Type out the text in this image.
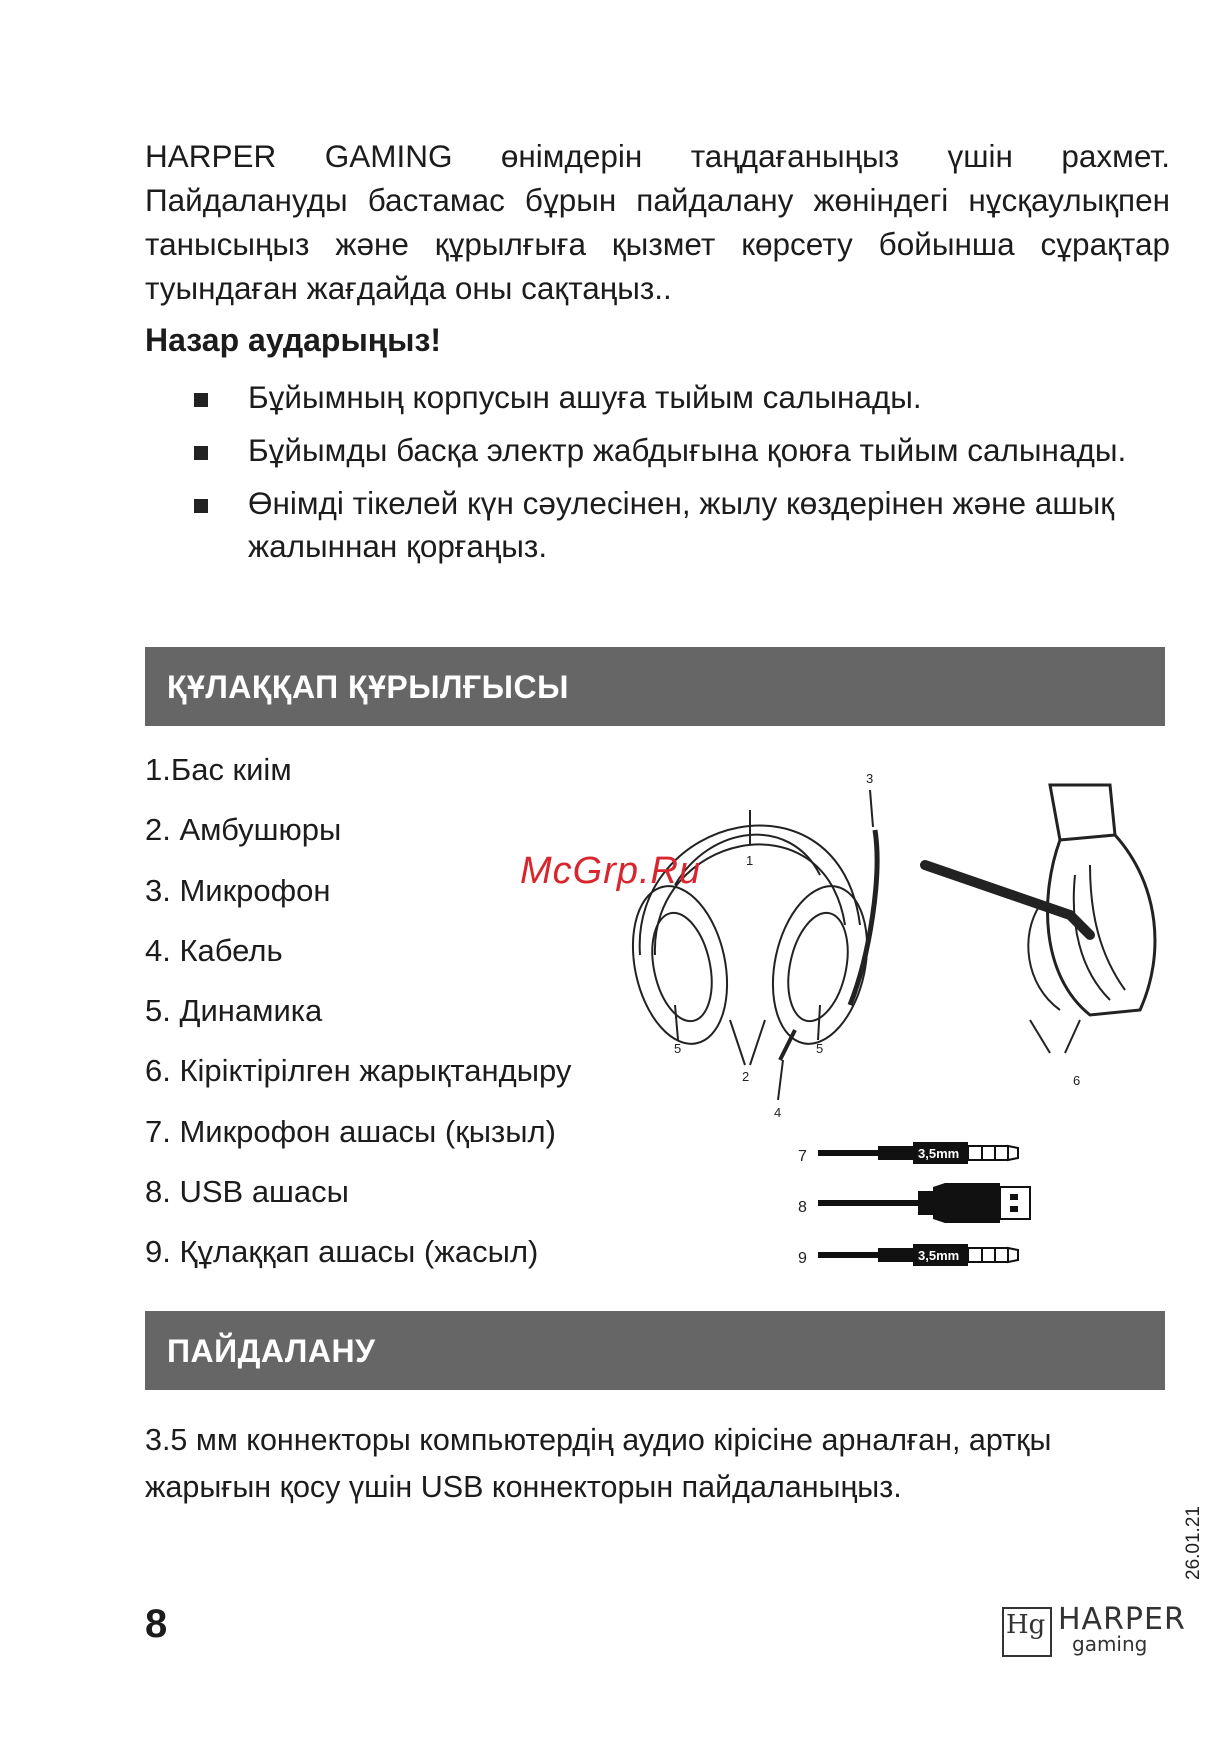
HARPER GAMING өнімдерін таңдағаныңыз үшін рахмет. Пайдалануды бастамас бұрын пайдалану жөніндегі нұсқаулықпен танысыңыз және құрылғыға қызмет көрсету бойынша сұрақтар туындаған жағдайда оны сақтаңыз..

Назар аударыңыз!

Бұйымның корпусын ашуға тыйым салынады.
Бұйымды басқа электр жабдығына қоюға тыйым салынады.
Өнімді тікелей күн сәулесінен, жылу көздерінен және ашық жалыннан қорғаңыз.
ҚҰЛАҚҚАП ҚҰРЫЛҒЫСЫ
1.Бас киім
2. Амбушюры
3. Микрофон
4. Кабель
5. Динамика
6. Кіріктірілген жарықтандыру
7. Микрофон ашасы (қызыл)
8. USB ашасы
9. Құлаққап ашасы (жасыл)
1
3
2
4
5	5
6
7	3,5mm
8
9	3,5mm
McGrp.Ru
ПАЙДАЛАНУ

3.5 мм коннекторы компьютердің аудио кірісіне арналған, артқы жарығын қосу үшін USB коннекторын пайдаланыңыз.

8
26.01.21
Hg HARPER
gaming
